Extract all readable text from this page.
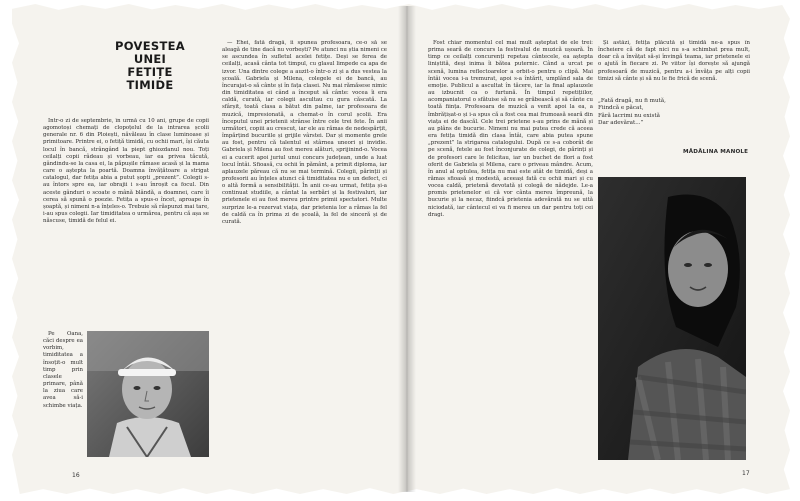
POVESTEA
UNEI
FETIȚE
TIMIDE

Intr-o zi de septembrie, în urmă cu 10 ani, grupe de copii agomotoși chemați de clopoțelul de la intrarea școlii generale nr. 6 din Ploiești, năvăleau în clase luminoase și primitoare. Printre ei, o fetiță timidă, cu ochii mari, își căuta locul în bancă, strângând la piept ghiozdanul nou. Toți ceilalți copii râdeau și vorbeau, iar ea privea tăcută, gândindu-se la casa ei, la păpușile rămase acasă și la mama care o aștepta la poartă. Doamna învățătoare a strigat catalogul, dar fetița abia a putut șopti „prezent”. Colegii s-au întors spre ea, iar obrajii i s-au înroșit ca focul. Din aceste gânduri o scoate o mână blândă, a doamnei, care îi cerea să spună o poezie. Fetița a spus-o încet, aproape în șoaptă, și nimeni n-a înțeles-o. Trebuie să răspunzi mai tare, i-au spus colegii. Iar timiditatea o urmărea, pentru că așa se născuse, timidă de felul ei.

Pe Oana, căci despre ea vorbim, timiditatea a însoțit-o mult timp prin clasele primare, până la ziua care avea să-i schimbe viața.

— Ehei, fată dragă, îi spunea profesoara, ce-o să se aleagă de tine dacă nu vorbești? Pe atunci nu știa nimeni ce se ascundea în sufletul acelei fetițe. Deși se ferea de ceilalți, acasă cânta tot timpul, cu glasul limpede ca apa de izvor. Una dintre colege a auzit-o într-o zi și a dus vestea la școală. Gabriela și Milena, colegele ei de bancă, au încurajat-o să cânte și în fața clasei. Nu mai rămăsese nimic din timiditatea ei când a început să cânte: vocea îi era caldă, curată, iar colegii ascultau cu gura căscată. La sfârșit, toată clasa a bătut din palme, iar profesoara de muzică, impresionată, a chemat-o în corul școlii. Era începutul unei prietenii strânse între cele trei fete. În anii următori, copiii au crescut, iar ele au rămas de nedespărțit, împărțind bucuriile și grijile vârstei. Dar și momente grele au fost, pentru că talentul ei stârnea uneori și invidie. Gabriela și Milena au fost mereu alături, sprijinind-o. Vocea ei a cucerit apoi juriul unui concurs județean, unde a luat locul întâi. Sfioasă, cu ochii în pământ, a primit diploma, iar aplauzele păreau că nu se mai termină. Colegii, părinții și profesorii au înțeles atunci că timiditatea nu e un defect, ci o altă formă a sensibilității. În anii ce-au urmat, fetița și-a continuat studiile, a cântat la serbări și la festivaluri, iar prietenele ei au fost mereu printre primii spectatori. Multe surprize le-a rezervat viața, dar prietenia lor a rămas la fel de caldă ca în prima zi de școală, la fel de sinceră și de curată.

16

Fost chiar momentul cel mai mult așteptat de ele trei: prima seară de concurs la festivalul de muzică ușoară. În timp ce ceilalți concurenți repetau cântecele, ea aștepta liniștită, deși inima îi bătea puternic. Când a urcat pe scenă, lumina reflectoarelor a orbit-o pentru o clipă. Mai întâi vocea i-a tremurat, apoi s-a întărit, umplând sala de emoție. Publicul a ascultat în tăcere, iar la final aplauzele au izbucnit ca o furtună. În timpul repetițiilor, acompaniatorul o sfătuise să nu se grăbească și să cânte cu toată ființa. Profesoara de muzică a venit apoi la ea, a îmbrățișat-o și i-a spus că a fost cea mai frumoasă seară din viața ei de dascăl. Cele trei prietene s-au prins de mână și au plâns de bucurie. Nimeni nu mai putea crede că aceea era fetița timidă din clasa întâi, care abia putea spune „prezent” la strigarea catalogului. După ce s-a coborât de pe scenă, fetele au fost înconjurate de colegi, de părinți și de profesori care le felicitau, iar un buchet de flori a fost oferit de Gabriela și Milena, care o priveau mândre. Acum, în anul al optulea, fetița nu mai este atât de timidă, deși a rămas sfioasă și modestă, aceeași fată cu ochii mari și cu vocea caldă, prietenă devotată și colegă de nădejde. Le-a promis prietenelor ei că vor cânta mereu împreună, la bucurie și la necaz, fiindcă prietenia adevărată nu se uită niciodată, iar cântecul ei va fi mereu un dar pentru toți cei dragi.

Și astăzi, fetița plăcută și timidă ne-a spus în încheiere că de fapt nici nu s-a schimbat prea mult, doar că a învățat să-și învingă teama, iar prietenele ei o ajută în fiecare zi. Pe viitor își dorește să ajungă profesoară de muzică, pentru a-i învăța pe alți copii timizi să cânte și să nu le fie frică de scenă.

„Fată dragă, nu fi mută,
Fiindcă e păcat,
Fără lacrimi nu există
Dar adevărat...”
MĂDĂLINA MANOLE
17
